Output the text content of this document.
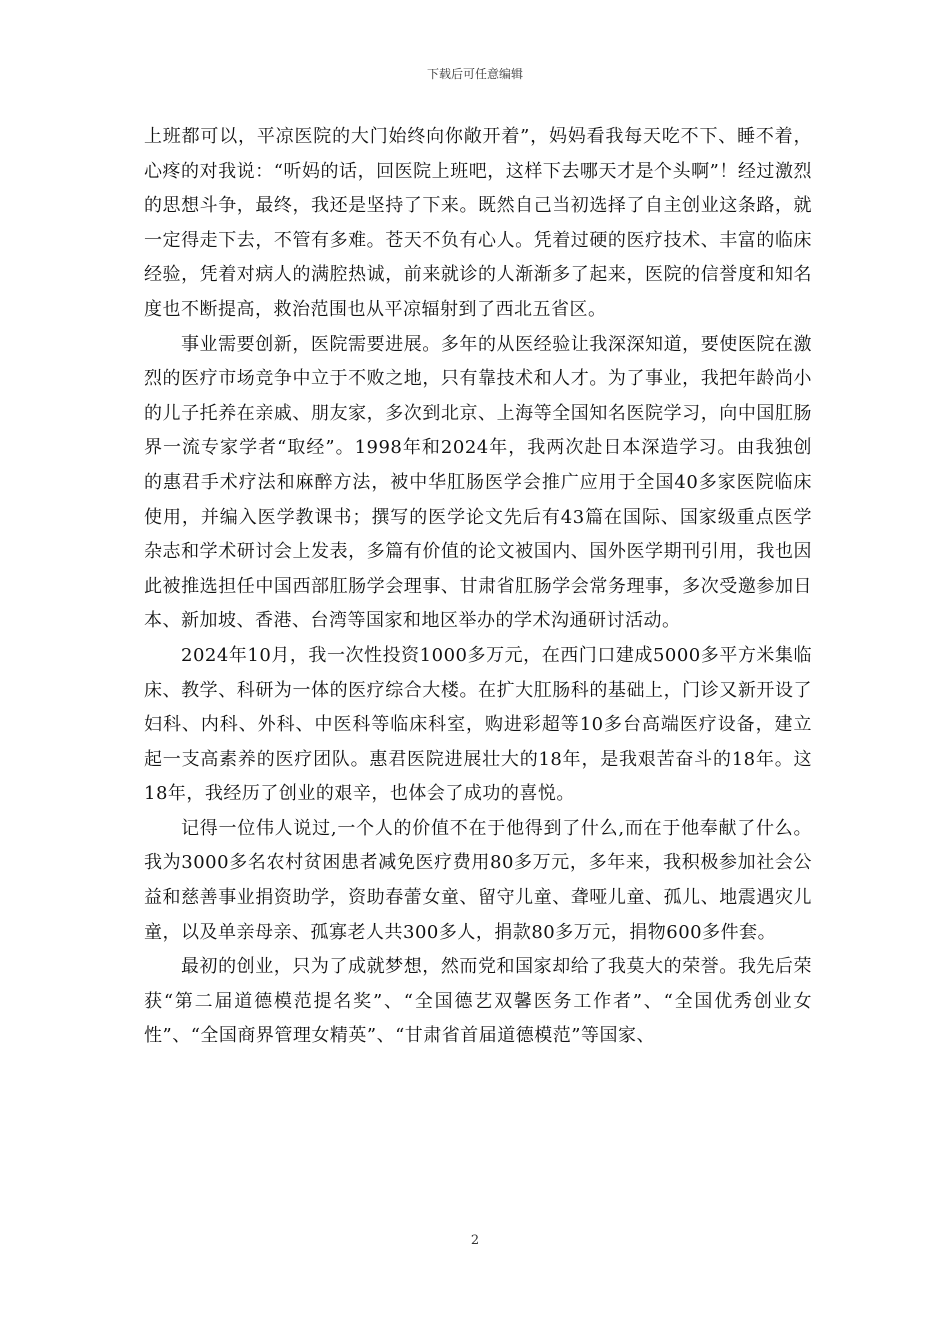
下载后可任意编辑

上班都可以，平凉医院的大门始终向你敞开着”，妈妈看我每天吃不下、睡不着，心疼的对我说：“听妈的话，回医院上班吧，这样下去哪天才是个头啊”！经过激烈的思想斗争，最终，我还是坚持了下来。既然自己当初选择了自主创业这条路，就一定得走下去，不管有多难。苍天不负有心人。凭着过硬的医疗技术、丰富的临床经验，凭着对病人的满腔热诚，前来就诊的人渐渐多了起来，医院的信誉度和知名度也不断提高，救治范围也从平凉辐射到了西北五省区。

事业需要创新，医院需要进展。多年的从医经验让我深深知道，要使医院在激烈的医疗市场竞争中立于不败之地，只有靠技术和人才。为了事业，我把年龄尚小的儿子托养在亲戚、朋友家，多次到北京、上海等全国知名医院学习，向中国肛肠界一流专家学者“取经”。1998年和2024年，我两次赴日本深造学习。由我独创的惠君手术疗法和麻醉方法，被中华肛肠医学会推广应用于全国40多家医院临床使用，并编入医学教课书；撰写的医学论文先后有43篇在国际、国家级重点医学杂志和学术研讨会上发表，多篇有价值的论文被国内、国外医学期刊引用，我也因此被推选担任中国西部肛肠学会理事、甘肃省肛肠学会常务理事，多次受邀参加日本、新加坡、香港、台湾等国家和地区举办的学术沟通研讨活动。

2024年10月，我一次性投资1000多万元，在西门口建成5000多平方米集临床、教学、科研为一体的医疗综合大楼。在扩大肛肠科的基础上，门诊又新开设了妇科、内科、外科、中医科等临床科室，购进彩超等10多台高端医疗设备，建立起一支高素养的医疗团队。惠君医院进展壮大的18年，是我艰苦奋斗的18年。这18年，我经历了创业的艰辛，也体会了成功的喜悦。

记得一位伟人说过,一个人的价值不在于他得到了什么,而在于他奉献了什么。我为3000多名农村贫困患者减免医疗费用80多万元，多年来，我积极参加社会公益和慈善事业捐资助学，资助春蕾女童、留守儿童、聋哑儿童、孤儿、地震遇灾儿童，以及单亲母亲、孤寡老人共300多人，捐款80多万元，捐物600多件套。

最初的创业，只为了成就梦想，然而党和国家却给了我莫大的荣誉。我先后荣获“第二届道德模范提名奖”、“全国德艺双馨医务工作者”、“全国优秀创业女性”、“全国商界管理女精英”、“甘肃省首届道德模范”等国家、

2
